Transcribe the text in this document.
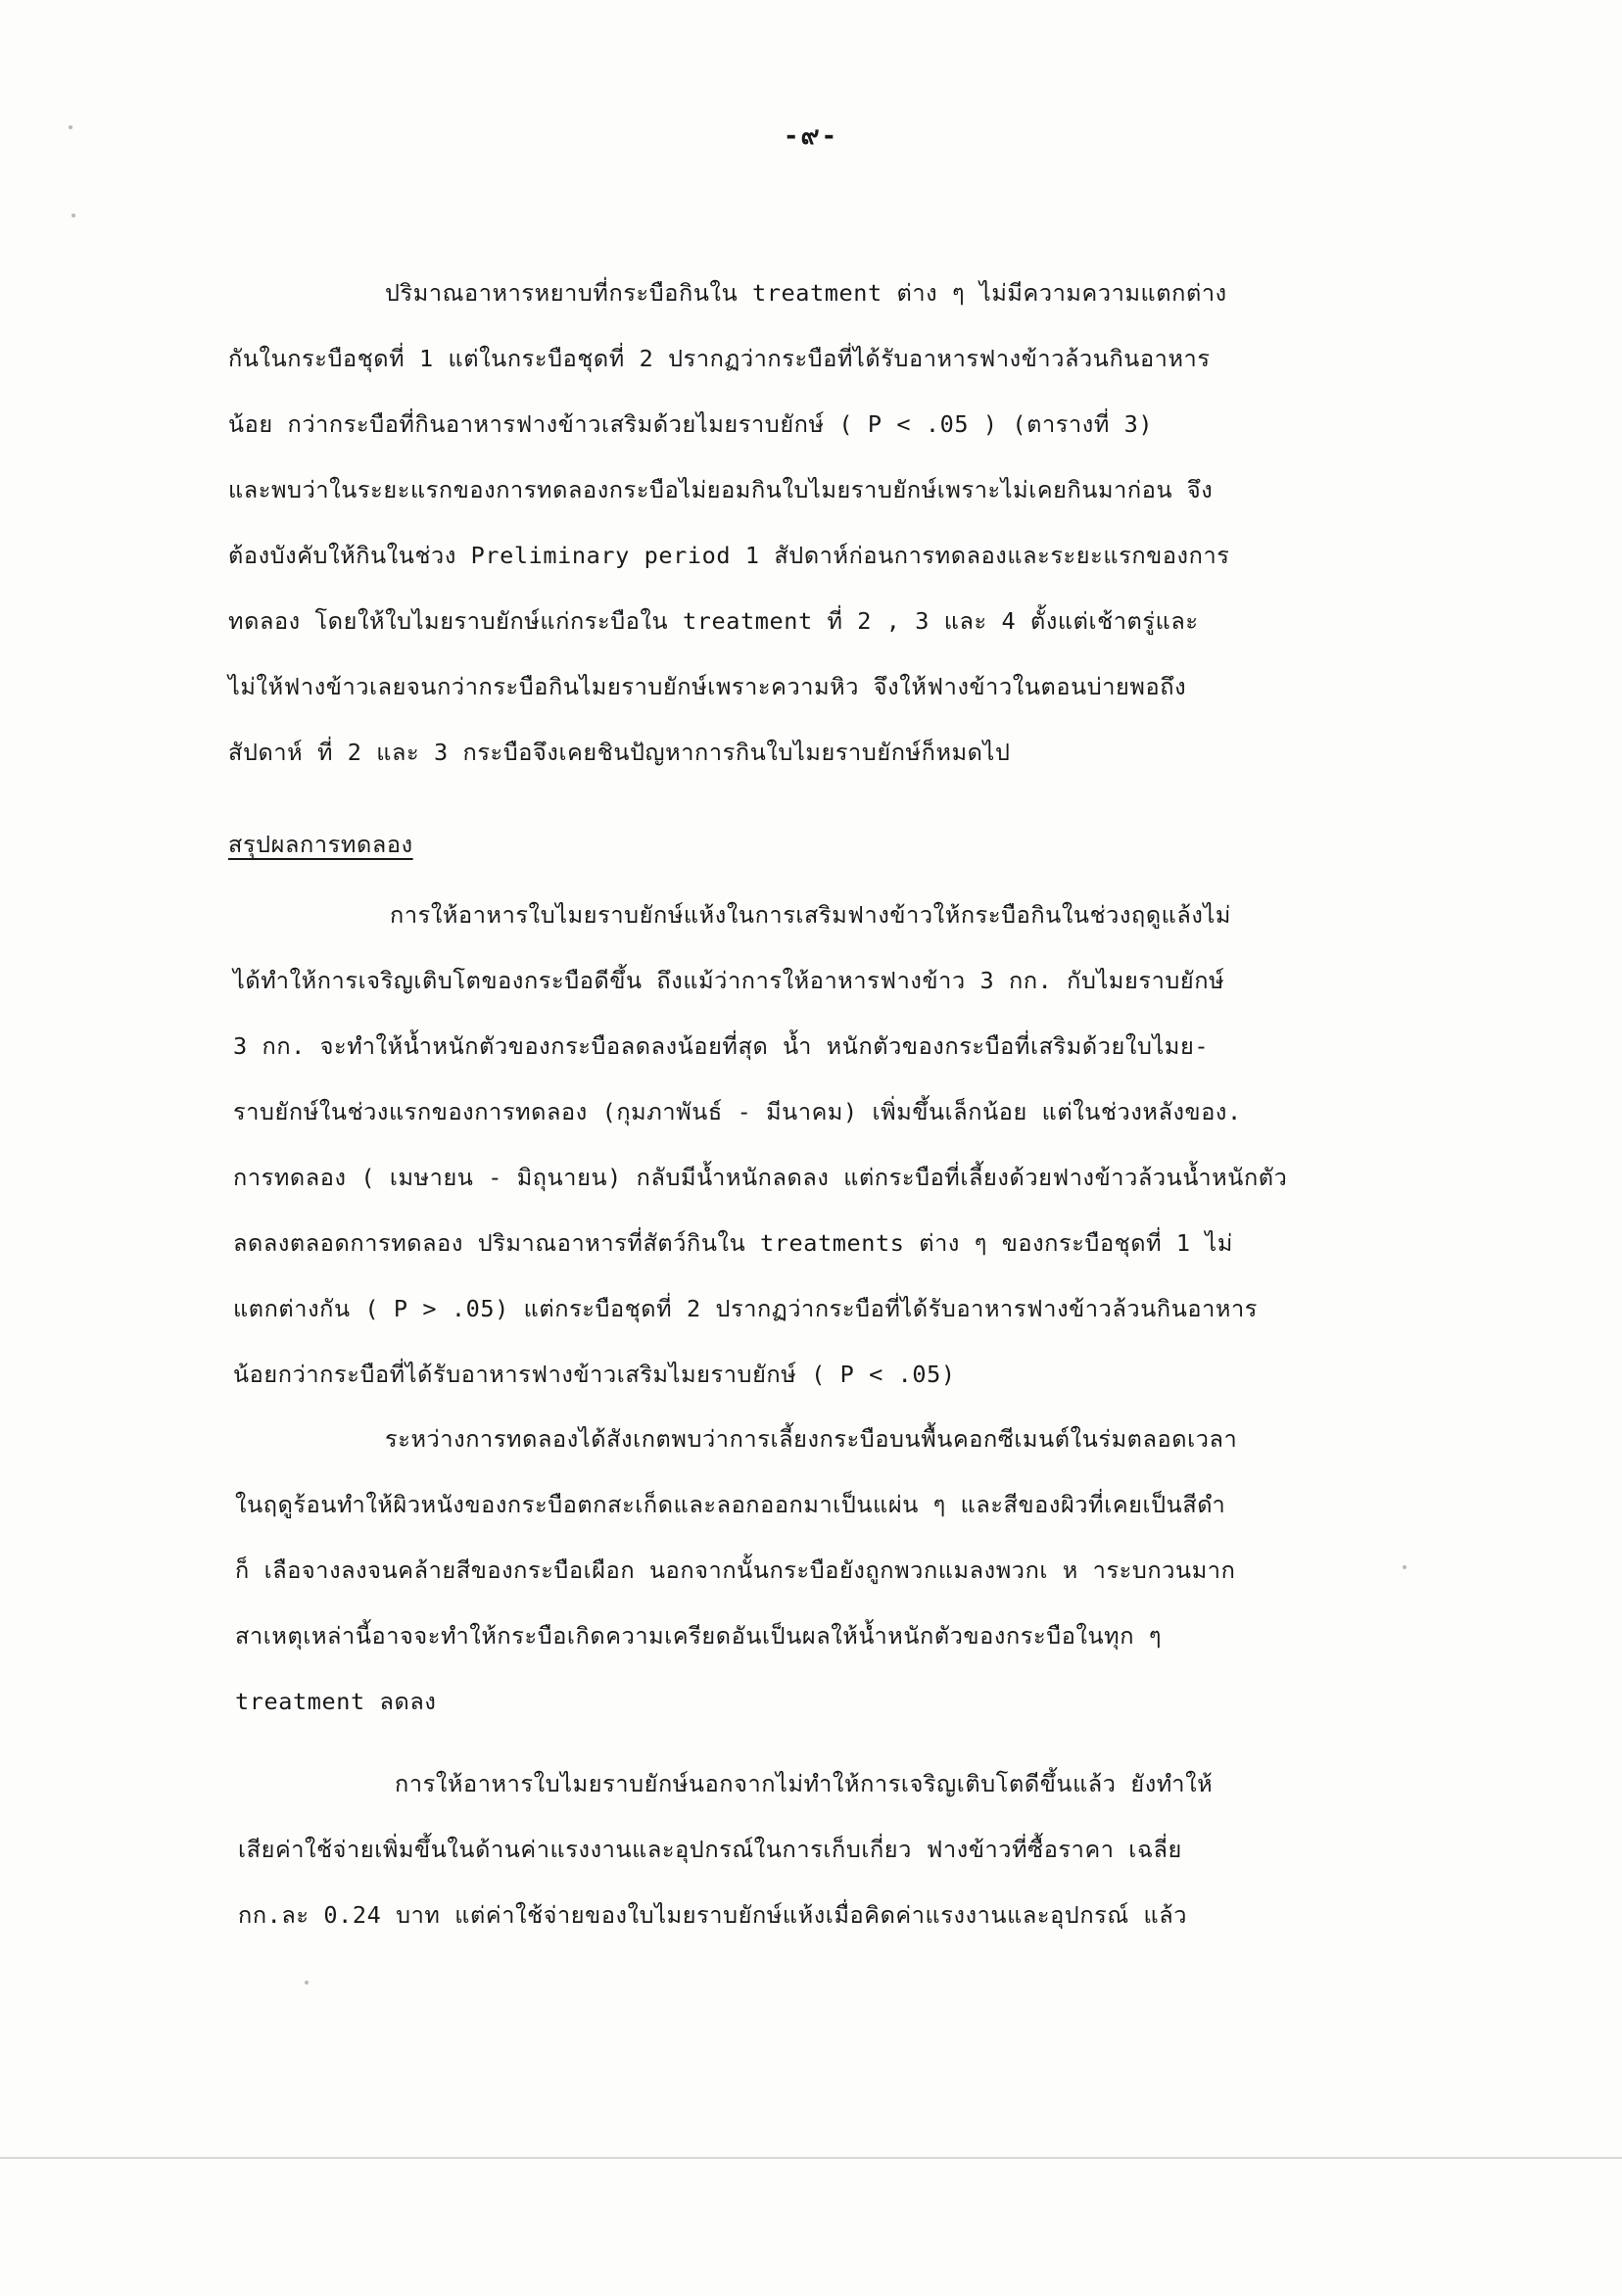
-๙-
ปริมาณอาหารหยาบที่กระบือกินใน treatment ต่าง ๆ ไม่มีความความแตกต่าง
กันในกระบือชุดที่ 1 แต่ในกระบือชุดที่ 2 ปรากฏว่ากระบือที่ได้รับอาหารฟางข้าวล้วนกินอาหาร
น้อย กว่ากระบือที่กินอาหารฟางข้าวเสริมด้วยไมยราบยักษ์ ( P < .05 ) (ตารางที่ 3)
และพบว่าในระยะแรกของการทดลองกระบือไม่ยอมกินใบไมยราบยักษ์เพราะไม่เคยกินมาก่อน จึง
ต้องบังคับให้กินในช่วง Preliminary period 1 สัปดาห์ก่อนการทดลองและระยะแรกของการ
ทดลอง โดยให้ใบไมยราบยักษ์แก่กระบือใน treatment ที่ 2 , 3 และ 4 ตั้งแต่เช้าตรู่และ
ไม่ให้ฟางข้าวเลยจนกว่ากระบือกินไมยราบยักษ์เพราะความหิว จึงให้ฟางข้าวในตอนบ่ายพอถึง
สัปดาห์ ที่ 2 และ 3 กระบือจึงเคยชินปัญหาการกินใบไมยราบยักษ์ก็หมดไป
สรุปผลการทดลอง
การให้อาหารใบไมยราบยักษ์แห้งในการเสริมฟางข้าวให้กระบือกินในช่วงฤดูแล้งไม่
ได้ทำให้การเจริญเติบโตของกระบือดีขึ้น ถึงแม้ว่าการให้อาหารฟางข้าว 3 กก. กับไมยราบยักษ์
3 กก. จะทำให้น้ำหนักตัวของกระบือลดลงน้อยที่สุด น้ำ หนักตัวของกระบือที่เสริมด้วยใบไมย-
ราบยักษ์ในช่วงแรกของการทดลอง (กุมภาพันธ์ - มีนาคม) เพิ่มขึ้นเล็กน้อย แต่ในช่วงหลังของ.
การทดลอง ( เมษายน - มิถุนายน) กลับมีน้ำหนักลดลง แต่กระบือที่เลี้ยงด้วยฟางข้าวล้วนน้ำหนักตัว
ลดลงตลอดการทดลอง ปริมาณอาหารที่สัตว์กินใน treatments ต่าง ๆ ของกระบือชุดที่ 1 ไม่
แตกต่างกัน ( P > .05) แต่กระบือชุดที่ 2 ปรากฏว่ากระบือที่ได้รับอาหารฟางข้าวล้วนกินอาหาร
น้อยกว่ากระบือที่ได้รับอาหารฟางข้าวเสริมไมยราบยักษ์ ( P < .05)
ระหว่างการทดลองได้สังเกตพบว่าการเลี้ยงกระบือบนพื้นคอกซีเมนต์ในร่มตลอดเวลา
ในฤดูร้อนทำให้ผิวหนังของกระบือตกสะเก็ดและลอกออกมาเป็นแผ่น ๆ และสีของผิวที่เคยเป็นสีดำ
ก็ เลือจางลงจนคล้ายสีของกระบือเผือก นอกจากนั้นกระบือยังถูกพวกแมลงพวกเ ห าระบกวนมาก
สาเหตุเหล่านี้อาจจะทำให้กระบือเกิดความเครียดอันเป็นผลให้น้ำหนักตัวของกระบือในทุก ๆ
treatment ลดลง
การให้อาหารใบไมยราบยักษ์นอกจากไม่ทำให้การเจริญเติบโตดีขึ้นแล้ว ยังทำให้
เสียค่าใช้จ่ายเพิ่มขึ้นในด้านค่าแรงงานและอุปกรณ์ในการเก็บเกี่ยว ฟางข้าวที่ซื้อราคา เฉลี่ย
กก.ละ 0.24 บาท แต่ค่าใช้จ่ายของใบไมยราบยักษ์แห้งเมื่อคิดค่าแรงงานและอุปกรณ์ แล้ว
